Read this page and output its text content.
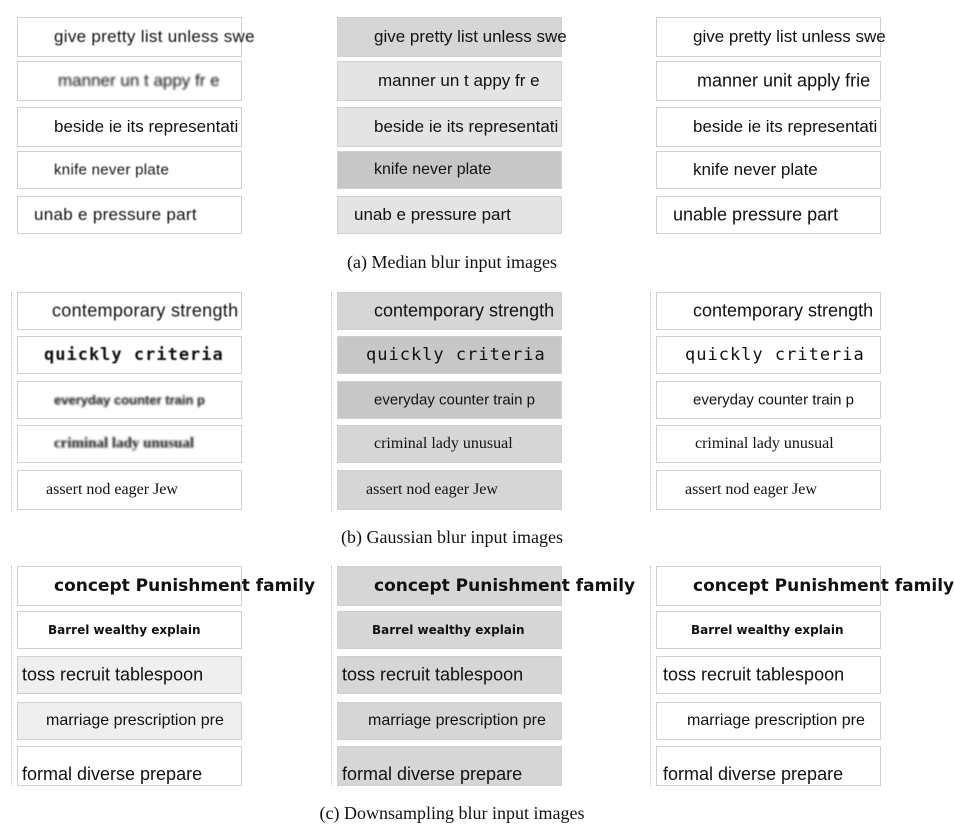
give pretty list unless swe
manner un t appy fr e
beside ie its representati
knife never plate
unab e pressure part
give pretty list unless swe
manner un t appy fr e
beside ie its representati
knife never plate
unab e pressure part
give pretty list unless swe
manner unit apply frie
beside ie its representati
knife never plate
unable pressure part
(a) Median blur input images
contemporary strength
quickly criteria
everyday counter train p
criminal lady unusual
assert nod eager Jew
contemporary strength
quickly criteria
everyday counter train p
criminal lady unusual
assert nod eager Jew
contemporary strength
quickly criteria
everyday counter train p
criminal lady unusual
assert nod eager Jew
(b) Gaussian blur input images
concept Punishment family
Barrel wealthy explain
toss recruit tablespoon
marriage prescription pre
formal diverse prepare
concept Punishment family
Barrel wealthy explain
toss recruit tablespoon
marriage prescription pre
formal diverse prepare
concept Punishment family
Barrel wealthy explain
toss recruit tablespoon
marriage prescription pre
formal diverse prepare
(c) Downsampling blur input images
